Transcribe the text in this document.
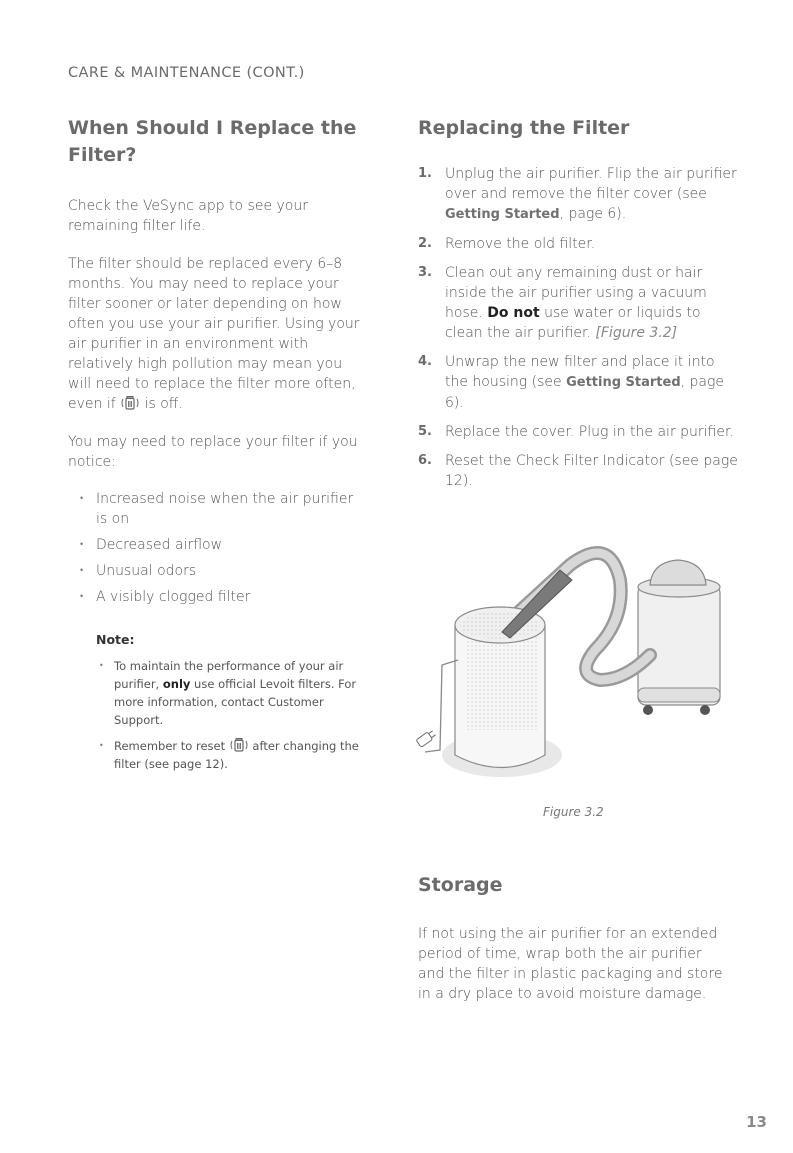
CARE & MAINTENANCE (CONT.)
When Should I Replace the Filter?

Check the VeSync app to see your remaining filter life.

The filter should be replaced every 6–8 months. You may need to replace your filter sooner or later depending on how often you use your air purifier. Using your air purifier in an environment with relatively high pollution may mean you will need to replace the filter more often, even if  is off.

You may need to replace your filter if you notice:

• Increased noise when the air purifier is on
• Decreased airflow
• Unusual odors
• A visibly clogged filter
Note:
• To maintain the performance of your air purifier, only use official Levoit filters. For more information, contact Customer Support.
• Remember to reset  after changing the filter (see page 12).
Replacing the Filter
1. Unplug the air purifier. Flip the air purifier over and remove the filter cover (see Getting Started, page 6).
2. Remove the old filter.
3. Clean out any remaining dust or hair inside the air purifier using a vacuum hose. Do not use water or liquids to clean the air purifier. [Figure 3.2]
4. Unwrap the new filter and place it into the housing (see Getting Started, page 6).
5. Replace the cover. Plug in the air purifier.
6. Reset the Check Filter Indicator (see page 12).
Figure 3.2
Storage

If not using the air purifier for an extended period of time, wrap both the air purifier and the filter in plastic packaging and store in a dry place to avoid moisture damage.

13
